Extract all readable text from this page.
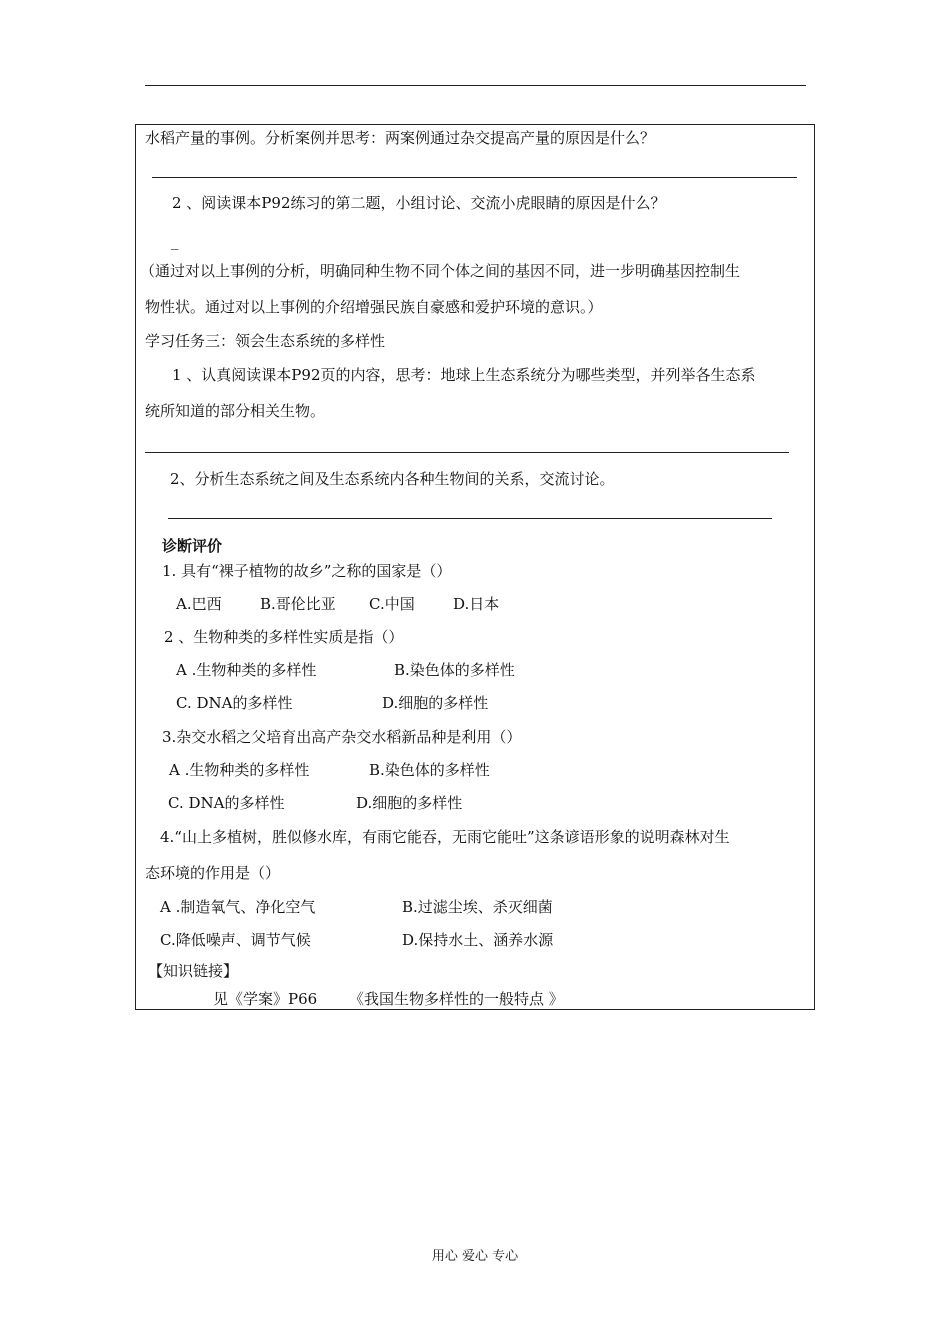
水稻产量的事例。分析案例并思考：两案例通过杂交提高产量的原因是什么？
2 、阅读课本P92练习的第二题，小组讨论、交流小虎眼睛的原因是什么？
_
（通过对以上事例的分析，明确同种生物不同个体之间的基因不同，进一步明确基因控制生
物性状。通过对以上事例的介绍增强民族自豪感和爱护环境的意识。）
学习任务三：领会生态系统的多样性
1 、认真阅读课本P92页的内容，思考：地球上生态系统分为哪些类型，并列举各生态系
统所知道的部分相关生物。
2、分析生态系统之间及生态系统内各种生物间的关系，交流讨论。
诊断评价
1. 具有“裸子植物的故乡”之称的国家是（）
A.巴西	B.哥伦比亚 C.中国	D.日本
2 、生物种类的多样性实质是指（）
A .生物种类的多样性	B.染色体的多样性
C. DNA的多样性	D.细胞的多样性
3.杂交水稻之父培育出高产杂交水稻新品种是利用（）
A .生物种类的多样性	B.染色体的多样性
C. DNA的多样性	D.细胞的多样性
4.“山上多植树，胜似修水库，有雨它能吞，无雨它能吐”这条谚语形象的说明森林对生
态环境的作用是（）
A .制造氧气、净化空气	B.过滤尘埃、杀灭细菌
C.降低噪声、调节气候	D.保持水土、涵养水源
【知识链接】
见《学案》P66 《我国生物多样性的一般特点 》
用心 爱心 专心
